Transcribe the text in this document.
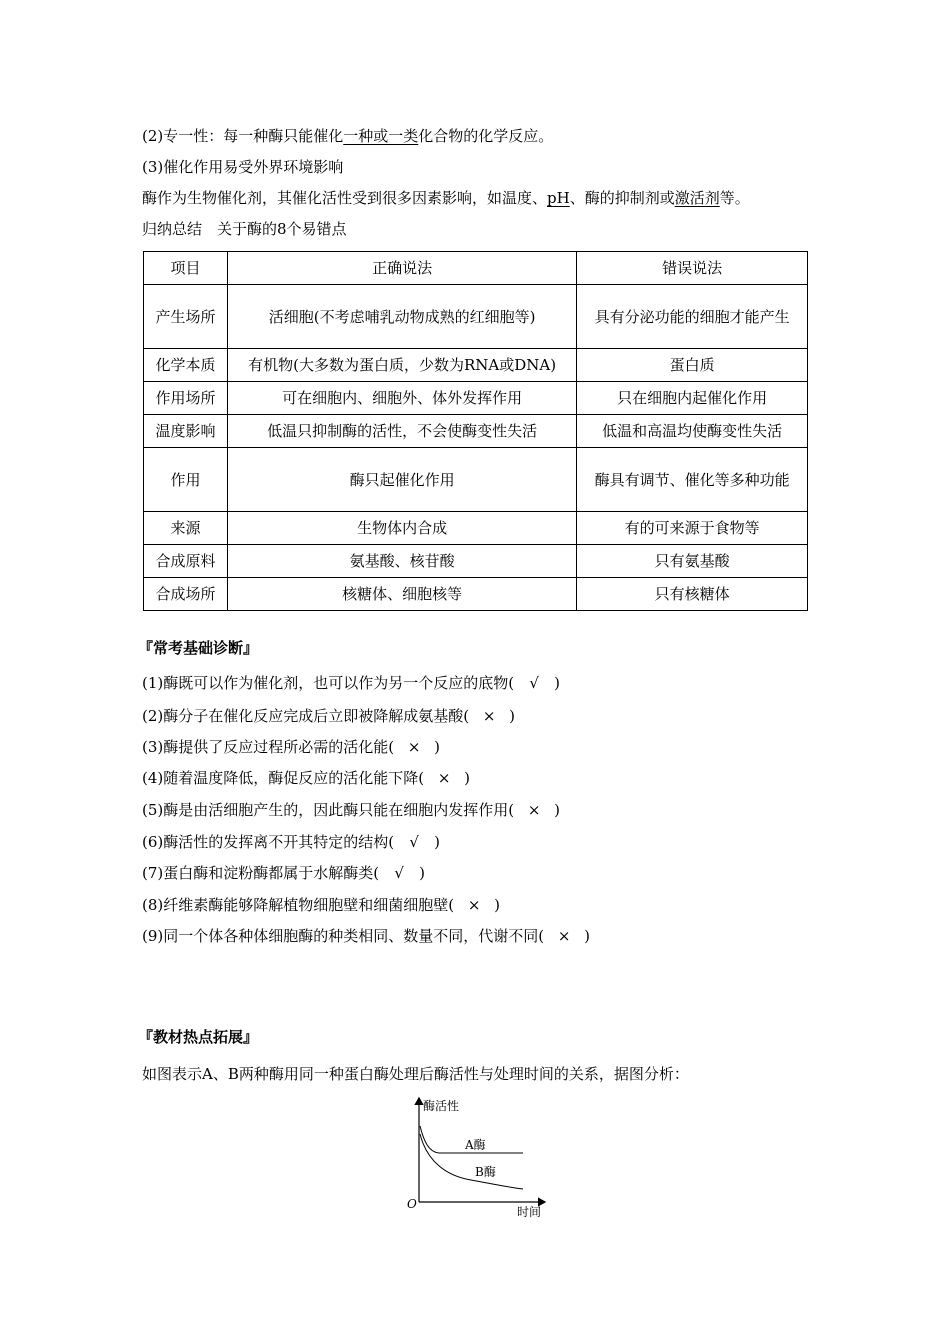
(2)专一性：每一种酶只能催化一种或一类化合物的化学反应。
(3)催化作用易受外界环境影响
酶作为生物催化剂，其催化活性受到很多因素影响，如温度、pH、酶的抑制剂或激活剂等。
归纳总结　关于酶的8个易错点
项目	正确说法	错误说法
产生场所	活细胞(不考虑哺乳动物成熟的红细胞等)	具有分泌功能的细胞才能产生
化学本质	有机物(大多数为蛋白质，少数为RNA或DNA)	蛋白质
作用场所	可在细胞内、细胞外、体外发挥作用	只在细胞内起催化作用
温度影响	低温只抑制酶的活性，不会使酶变性失活	低温和高温均使酶变性失活
作用	酶只起催化作用	酶具有调节、催化等多种功能
来源	生物体内合成	有的可来源于食物等
合成原料	氨基酸、核苷酸	只有氨基酸
合成场所	核糖体、细胞核等	只有核糖体
『常考基础诊断』
(1)酶既可以作为催化剂，也可以作为另一个反应的底物( √ )
(2)酶分子在催化反应完成后立即被降解成氨基酸( × )
(3)酶提供了反应过程所必需的活化能( × )
(4)随着温度降低，酶促反应的活化能下降( × )
(5)酶是由活细胞产生的，因此酶只能在细胞内发挥作用( × )
(6)酶活性的发挥离不开其特定的结构( √ )
(7)蛋白酶和淀粉酶都属于水解酶类( √ )
(8)纤维素酶能够降解植物细胞壁和细菌细胞壁( × )
(9)同一个体各种体细胞酶的种类相同、数量不同，代谢不同( × )
『教材热点拓展』
如图表示A、B两种酶用同一种蛋白酶处理后酶活性与处理时间的关系，据图分析：
酶活性
时间
O
A酶
B酶
